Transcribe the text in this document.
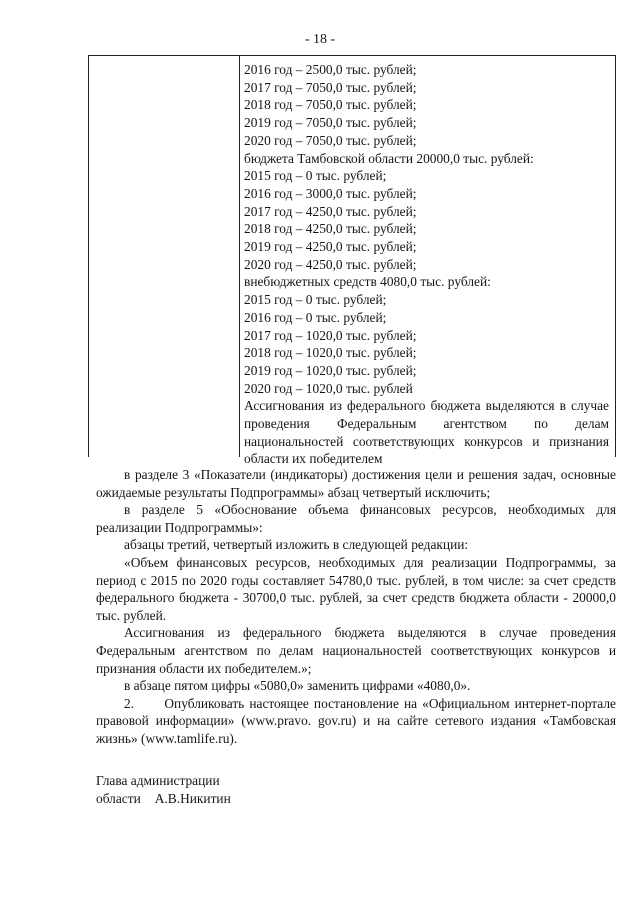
- 18 -
2016 год – 2500,0 тыс. рублей;
2017 год – 7050,0 тыс. рублей;
2018 год – 7050,0 тыс. рублей;
2019 год – 7050,0 тыс. рублей;
2020 год – 7050,0 тыс. рублей;
бюджета Тамбовской области 20000,0 тыс. рублей:
2015 год – 0 тыс. рублей;
2016 год – 3000,0 тыс. рублей;
2017 год – 4250,0 тыс. рублей;
2018 год – 4250,0 тыс. рублей;
2019 год – 4250,0 тыс. рублей;
2020 год – 4250,0 тыс. рублей;
внебюджетных средств 4080,0 тыс. рублей:
2015 год – 0 тыс. рублей;
2016 год – 0 тыс. рублей;
2017 год – 1020,0 тыс. рублей;
2018 год – 1020,0 тыс. рублей;
2019 год – 1020,0 тыс. рублей;
2020 год – 1020,0 тыс. рублей
Ассигнования из федерального бюджета выделяются в случае проведения Федеральным агентством по делам национальностей соответствующих конкурсов и признания области их победителем

в разделе 3 «Показатели (индикаторы) достижения цели и решения задач, основные ожидаемые результаты Подпрограммы» абзац четвертый исключить;

в разделе 5 «Обоснование объема финансовых ресурсов, необходимых для реализации Подпрограммы»:

абзацы третий, четвертый изложить в следующей редакции:

«Объем финансовых ресурсов, необходимых для реализации Подпрограммы, за период с 2015 по 2020 годы составляет 54780,0 тыс. рублей, в том числе: за счет средств федерального бюджета - 30700,0 тыс. рублей, за счет средств бюджета области - 20000,0 тыс. рублей.

Ассигнования из федерального бюджета выделяются в случае проведения Федеральным агентством по делам национальностей соответствующих конкурсов и признания области их победителем.»;

в абзаце пятом цифры «5080,0» заменить цифрами «4080,0».

2. Опубликовать настоящее постановление на «Официальном интернет-портале правовой информации» (www.pravo. gov.ru) и на сайте сетевого издания «Тамбовская жизнь» (www.tamlife.ru).

Глава администрации
области А.В.Никитин
